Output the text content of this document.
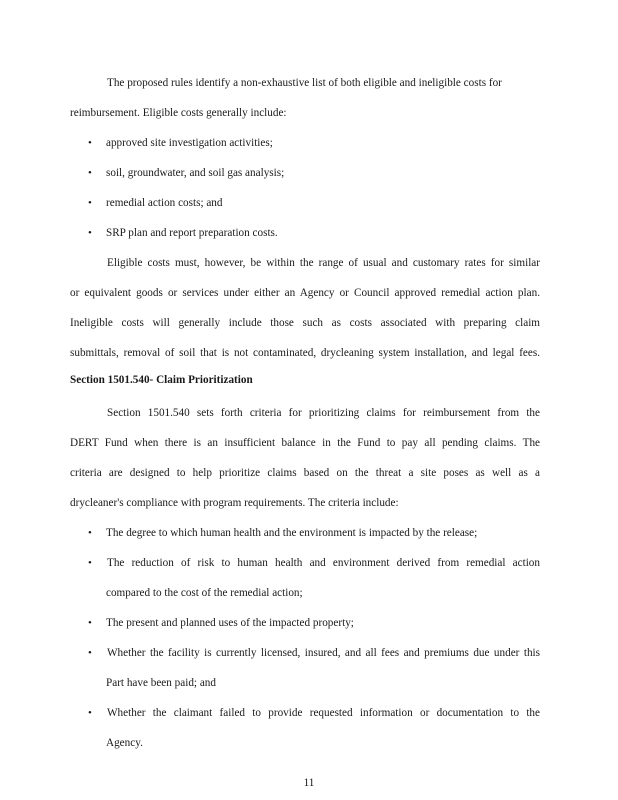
The proposed rules identify a non-exhaustive list of both eligible and ineligible costs for
reimbursement. Eligible costs generally include:
• approved site investigation activities;
• soil, groundwater, and soil gas analysis;
• remedial action costs; and
• SRP plan and report preparation costs.
Eligible costs must, however, be within the range of usual and customary rates for similar
or equivalent goods or services under either an Agency or Council approved remedial action plan.
Ineligible costs will generally include those such as costs associated with preparing claim
submittals, removal of soil that is not contaminated, drycleaning system installation, and legal fees.
Section 1501.540- Claim Prioritization
Section 1501.540 sets forth criteria for prioritizing claims for reimbursement from the
DERT Fund when there is an insufficient balance in the Fund to pay all pending claims. The
criteria are designed to help prioritize claims based on the threat a site poses as well as a
drycleaner's compliance with program requirements. The criteria include:
• The degree to which human health and the environment is impacted by the release;
• The reduction of risk to human health and environment derived from remedial action
compared to the cost of the remedial action;
• The present and planned uses of the impacted property;
• Whether the facility is currently licensed, insured, and all fees and premiums due under this
Part have been paid; and
• Whether the claimant failed to provide requested information or documentation to the
Agency.
11
